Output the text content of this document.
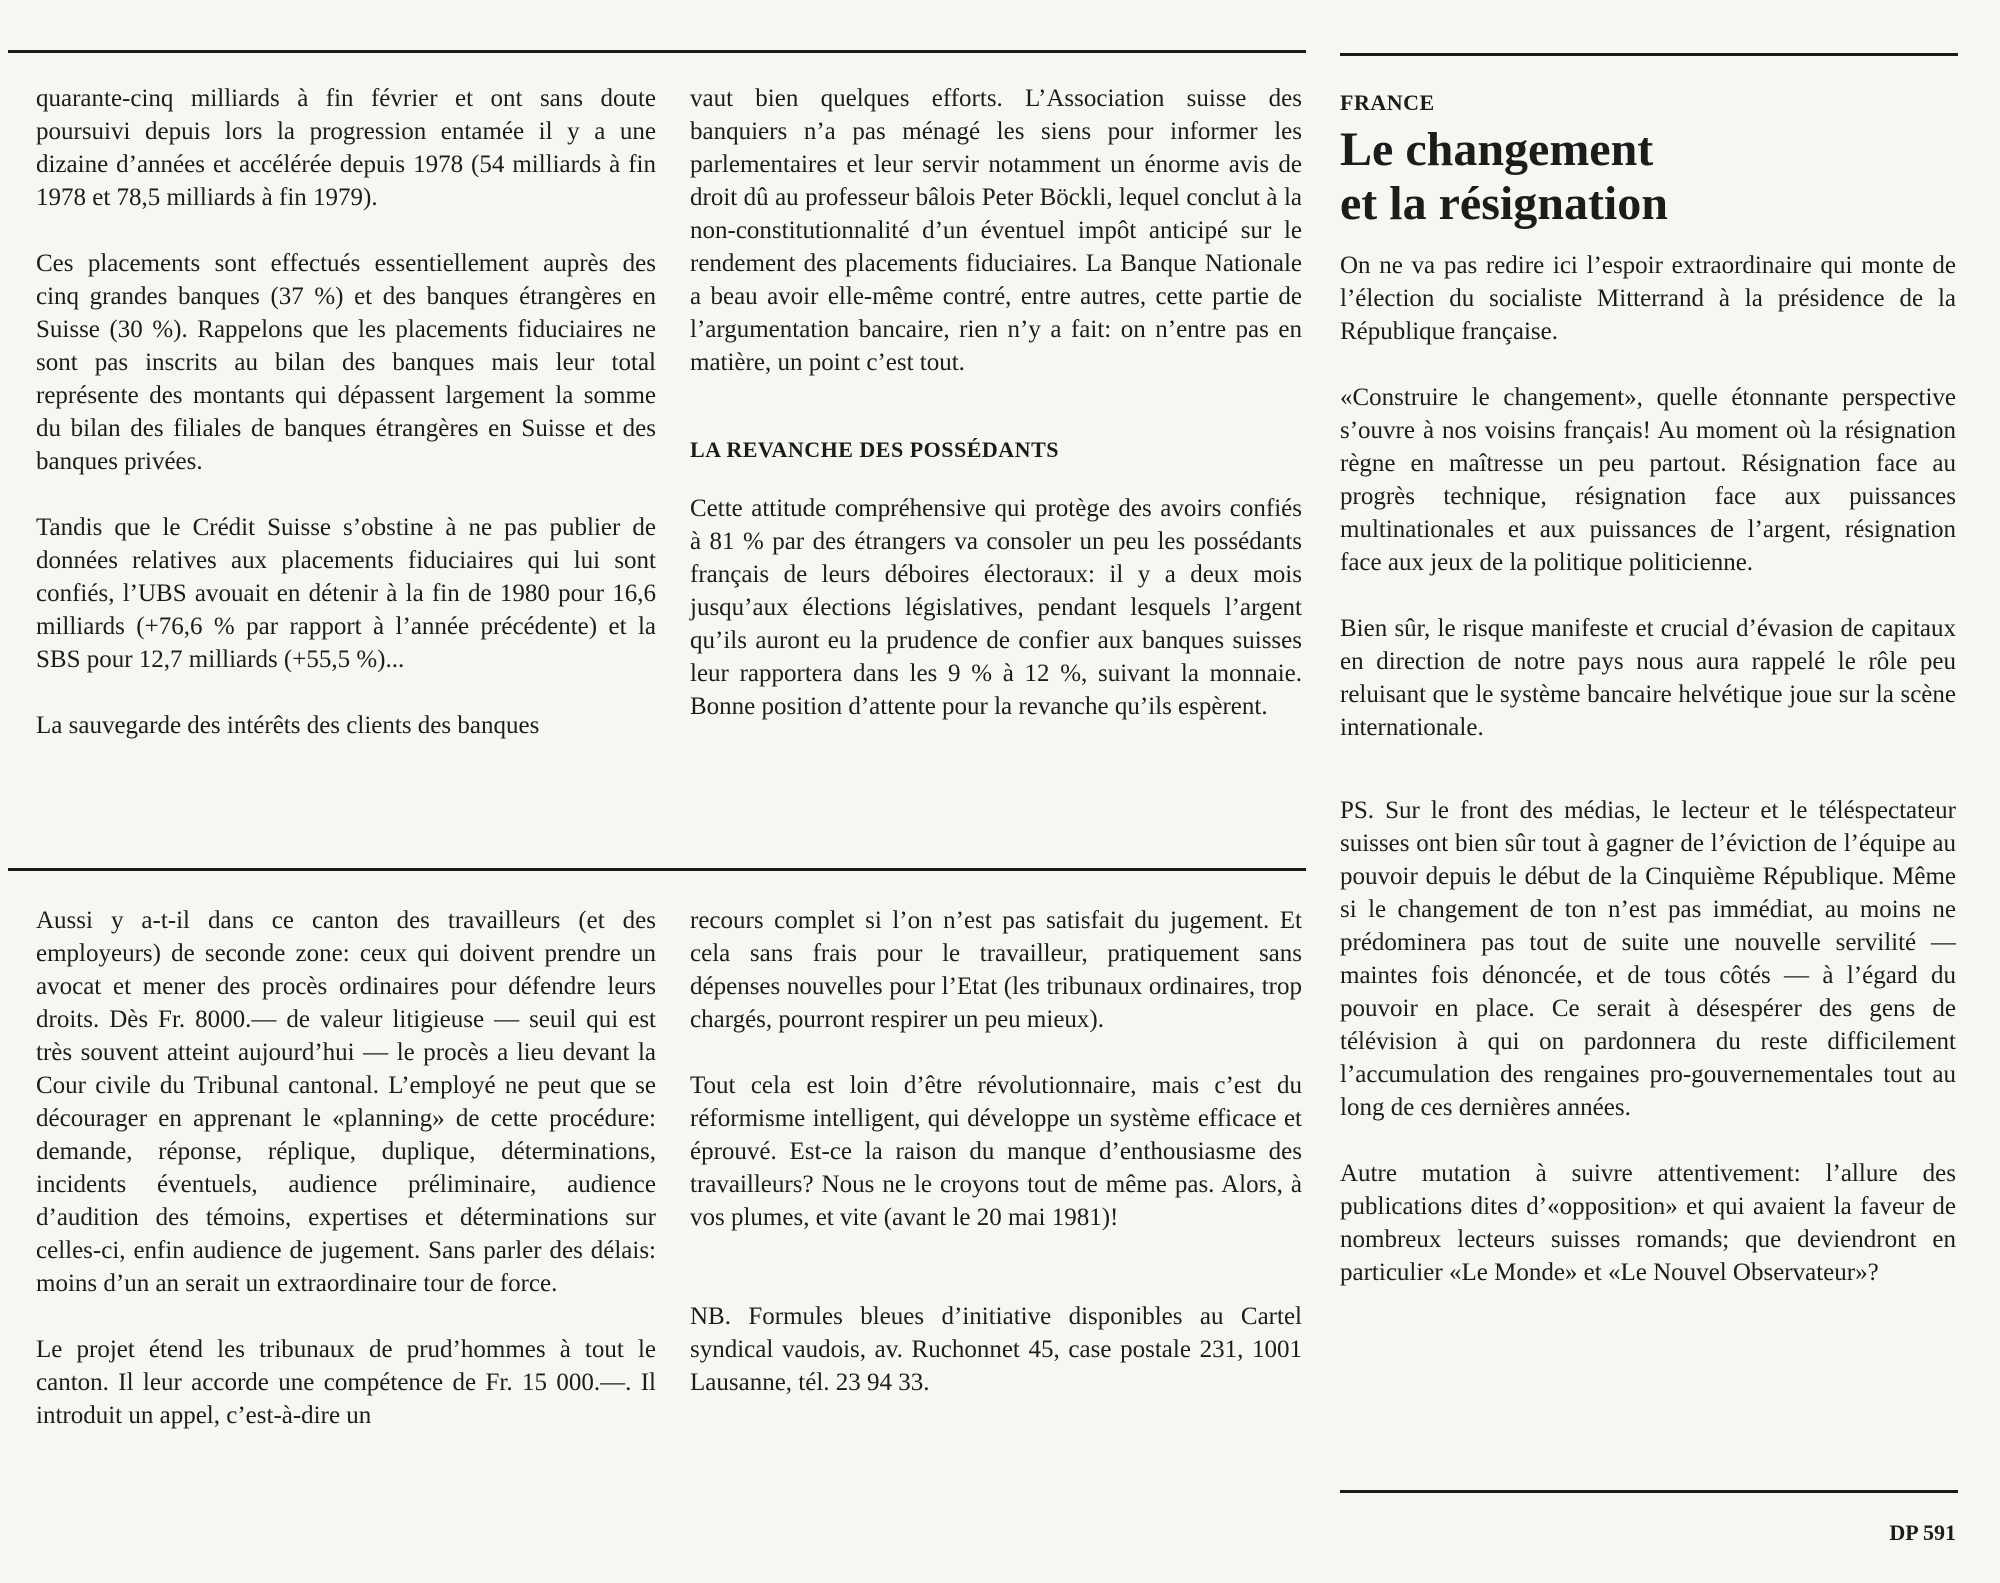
quarante-cinq milliards à fin février et ont sans doute poursuivi depuis lors la progression entamée il y a une dizaine d’années et accélérée depuis 1978 (54 milliards à fin 1978 et 78,5 milliards à fin 1979).

Ces placements sont effectués essentiellement auprès des cinq grandes banques (37 %) et des banques étrangères en Suisse (30 %). Rappelons que les placements fiduciaires ne sont pas inscrits au bilan des banques mais leur total représente des montants qui dépassent largement la somme du bilan des filiales de banques étrangères en Suisse et des banques privées.

Tandis que le Crédit Suisse s’obstine à ne pas publier de données relatives aux placements fiduciaires qui lui sont confiés, l’UBS avouait en détenir à la fin de 1980 pour 16,6 milliards (+76,6 % par rapport à l’année précédente) et la SBS pour 12,7 milliards (+55,5 %)...

La sauvegarde des intérêts des clients des banques

vaut bien quelques efforts. L’Association suisse des banquiers n’a pas ménagé les siens pour informer les parlementaires et leur servir notamment un énorme avis de droit dû au professeur bâlois Peter Böckli, lequel conclut à la non-constitutionnalité d’un éventuel impôt anticipé sur le rendement des placements fiduciaires. La Banque Nationale a beau avoir elle-même contré, entre autres, cette partie de l’argumentation bancaire, rien n’y a fait: on n’entre pas en matière, un point c’est tout.

LA REVANCHE DES POSSÉDANTS

Cette attitude compréhensive qui protège des avoirs confiés à 81 % par des étrangers va consoler un peu les possédants français de leurs déboires électoraux: il y a deux mois jusqu’aux élections législatives, pendant lesquels l’argent qu’ils auront eu la prudence de confier aux banques suisses leur rapportera dans les 9 % à 12 %, suivant la monnaie. Bonne position d’attente pour la revanche qu’ils espèrent.

Aussi y a-t-il dans ce canton des travailleurs (et des employeurs) de seconde zone: ceux qui doivent prendre un avocat et mener des procès ordinaires pour défendre leurs droits. Dès Fr. 8000.— de valeur litigieuse — seuil qui est très souvent atteint aujourd’hui — le procès a lieu devant la Cour civile du Tribunal cantonal. L’employé ne peut que se décourager en apprenant le «planning» de cette procédure: demande, réponse, réplique, duplique, déterminations, incidents éventuels, audience préliminaire, audience d’audition des témoins, expertises et déterminations sur celles-ci, enfin audience de jugement. Sans parler des délais: moins d’un an serait un extraordinaire tour de force.

Le projet étend les tribunaux de prud’hommes à tout le canton. Il leur accorde une compétence de Fr. 15 000.—. Il introduit un appel, c’est-à-dire un

recours complet si l’on n’est pas satisfait du jugement. Et cela sans frais pour le travailleur, pratiquement sans dépenses nouvelles pour l’Etat (les tribunaux ordinaires, trop chargés, pourront respirer un peu mieux).

Tout cela est loin d’être révolutionnaire, mais c’est du réformisme intelligent, qui développe un système efficace et éprouvé. Est-ce la raison du manque d’enthousiasme des travailleurs? Nous ne le croyons tout de même pas. Alors, à vos plumes, et vite (avant le 20 mai 1981)!

NB. Formules bleues d’initiative disponibles au Cartel syndical vaudois, av. Ruchonnet 45, case postale 231, 1001 Lausanne, tél. 23 94 33.

FRANCE
Le changement
et la résignation

On ne va pas redire ici l’espoir extraordinaire qui monte de l’élection du socialiste Mitterrand à la présidence de la République française.

«Construire le changement», quelle étonnante perspective s’ouvre à nos voisins français! Au moment où la résignation règne en maîtresse un peu partout. Résignation face au progrès technique, résignation face aux puissances multinationales et aux puissances de l’argent, résignation face aux jeux de la politique politicienne.

Bien sûr, le risque manifeste et crucial d’évasion de capitaux en direction de notre pays nous aura rappelé le rôle peu reluisant que le système bancaire helvétique joue sur la scène internationale.

PS. Sur le front des médias, le lecteur et le téléspectateur suisses ont bien sûr tout à gagner de l’éviction de l’équipe au pouvoir depuis le début de la Cinquième République. Même si le changement de ton n’est pas immédiat, au moins ne prédominera pas tout de suite une nouvelle servilité — maintes fois dénoncée, et de tous côtés — à l’égard du pouvoir en place. Ce serait à désespérer des gens de télévision à qui on pardonnera du reste difficilement l’accumulation des rengaines pro-gouvernementales tout au long de ces dernières années.

Autre mutation à suivre attentivement: l’allure des publications dites d’«opposition» et qui avaient la faveur de nombreux lecteurs suisses romands; que deviendront en particulier «Le Monde» et «Le Nouvel Observateur»?

DP 591
